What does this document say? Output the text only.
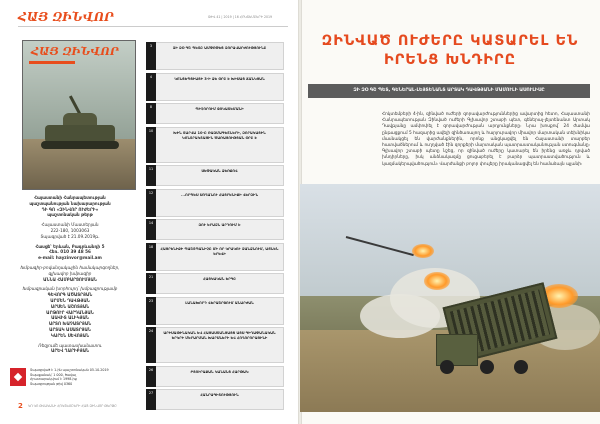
ՀԱՅ ԶԻՆՎՈՐ	ԹԻՎ 41 | 2019 | 16 ՀՈԿՏԵՄԲԵՐԻ 2019
ՀԱՅ ԶԻՆՎՈՐ
Հայաստանի Հանրապետության
պաշտպանության նախարարության
ԴԻ ԳՈ «ԶԻՆՎՈՐ ՈՒԺԵՐԻ»
պաշտոնական թերթ
Հայաստանի Մաստերյան
222-180, 1003063
Տպագրված է 21.09.2019թ.
Հասցե՝ Երևան, Բագրևանդի 5
Հեռ. 010 39 48 56
e-mail: hayzinvor@mail.am
Խմբագիր-բովանդակային համակարգողներ,
գլխավոր խմբագիր
ԱՆՆԱ ՀԱՄԲԱՐՑՈՒՄՅԱՆ
Խմբագրական խորհուրդ՝ խմբագրությամբ
ԳԵՎՈՐԳ ԱԾԱՏՐՅԱՆ
ԱՐՄԵՆ ԴԱՎԹՅԱՆ
ԱՐՍԵՆ ԱՇՈՏՅԱՆ
ԱՐԹՈՒՐ ՎԱՐԴԱՆՅԱՆ
ԱԱՎԻՏ ԱԼԻԿՅԱՆ
ԱՐՏՈ ԽԱՉԱՏՐՅԱՆ
ԱՐՏԱԿ ԱՍԱՏՐՅԱՆ
ԿԱՐԵՆ ՍԵՎՈՅԱՆ
Ռեզյումե պատասխանատու
ԱՐԵՎ ՂԱՐԻԲՅԱՆ
Տպագրված է 1-ին պաշտոնական 05.10.2019
Տպաքանակ՝ 1 000, ծավալ
Հրատարակվում է 1998-ից
Տպագրության թիվ 0360
2 ԿՈ ԿՈ ԹՎԱԿԱՆԻ ՀՈԿՏԵՄԲԵՐԻ ՀԱՅ ԶԻՆՎՈՐ ԹԵՐԹԸ
3	ԶԻ ԶՕ ԳՇ ՊԵՏԸ ԱՄՓՈՓԵՑ ԶՈՐԱՎԱՐԺՈՒԹՅՈՒՆԸ
4	ԿՈՆՑԵՊՑԻԱՅԻ 3-Ի ՁԵ ՕՐԸ Է ԽԻՍԱՑ ՃԱՆԿՅԱՆ
8	ՊԻՉՈՐՈՒՄ ՋՈԿԱՏԵՄԱՆԻ
10	ԽԻՆ ՏԱՐՎԱ 10-Ը ՌԱԶՄԱԳԵՏՆԵՐԻ, ԶՈՐԱԿԱՅԻՆ ԿՈՆՏՐԱԿՏԱՅԻՆ ԾԱՌԱՅՈՒԹՅԱՆ ՕՐԸ Է
11	ՍԵՓԱԿԱՆ ՁԵՌՔՈՎ
12	...ՈՐՊԵՍ ՍՈՂԱՆՈՒ ՀԱՅՐԵՆԻՔԻ ՎԵՐԶԻՆ
14	ԶՈՒ ԵՐԱԶՆ ԱՐԴՈՒՄ Է
18	ՀԱՅՐԵՆԻՔԻ ՊԱՇՏՊԱՆԻՉԸ ՄԻ ՈՐ ԿՐԱԿՈՒ ԶԱՆՁՆՈՒՄ, ԱՅՆԵՆ ԵՐԵՎԻ
21	ՀԱՅԿԱԿԱՆ ԵՐԳԸ
23	ԼԱՆԱԽՈՐԴ ՎԵՐԱՇՐՋՈՒՄ ԱՆԱՐԺԱՆ
24	ԱՐԻՍԱԹԻՆԱԿԱՆ ԵՎ ՀԱՅԱՍՏԱՆՅԱՅՑ ԱՅՍ ԳԻՂԱՓԱՆԱԿԱՆ ԵՐԿՐԻ ՄԵՐԱՐՄԱՆ ԽԱՐՍՆԵՐԻ ԵՎ ՀՈՂՈՐՈՐԱՅԻՆԻ
26	ԲՅՈՒՐԱՔԱՆ ԿԱՆԱՆՑ ՀԱՐԹԱԿ
27	ՀԱՆՐԱԳԻՏՈՒԹՅՈՒՆ
ԶԻՆՎԱԾ ՈՒԺԵՐԸ ԿԱՏԱՐԵԼ ԵՆ ԻՐԵՆՑ ԽՆԴԻՐԸ
ԶԻ ԶՕ ԳՇ ՊԵՏ, ԳԵՆԵՐԱԼ-ԼԵՅՏԵՆԱՆՏ ԱՐՏԱԿ ԴԱՎԹՅԱՆԻ ՄԱՄՈՒԼԻ ԱՍՈՒԼԻՍԸ
Հոկտեմբերի 4-ին, զինված ուժերի զորավարժություններից ավարտից հետո, Հայաստանի Հանրապետության Զինված ուժերի Գլխավոր շտաբի պետ, գեներալ-լեյտենանտ Արտակ Դավթյանը ամփոփել է զորավարժության արդյունքները։ Նրա խոսքով՝ 24 ժամվա ընթացքում 5 հազարից ավելի զինծառայող և հարյուրավոր միավոր մարտական տեխնիկա մասնակցել են վարժանքներին, որոնք անցկացվել են Հայաստանի տարբեր հատվածներում և ուղղված էին զորքերի մարտական պատրաստականության ստուգմանը։ Գլխավոր շտաբի պետը նշեց, որ զինված ուժերը կատարել են իրենց առջև դրված խնդիրները, իսկ անձնակազմը ցուցաբերել է բարձր պատրաստվածություն և կազմակերպվածություն։ Վարժանքի բոլոր փուլերը իրականացվել են համաձայն պլանի։
